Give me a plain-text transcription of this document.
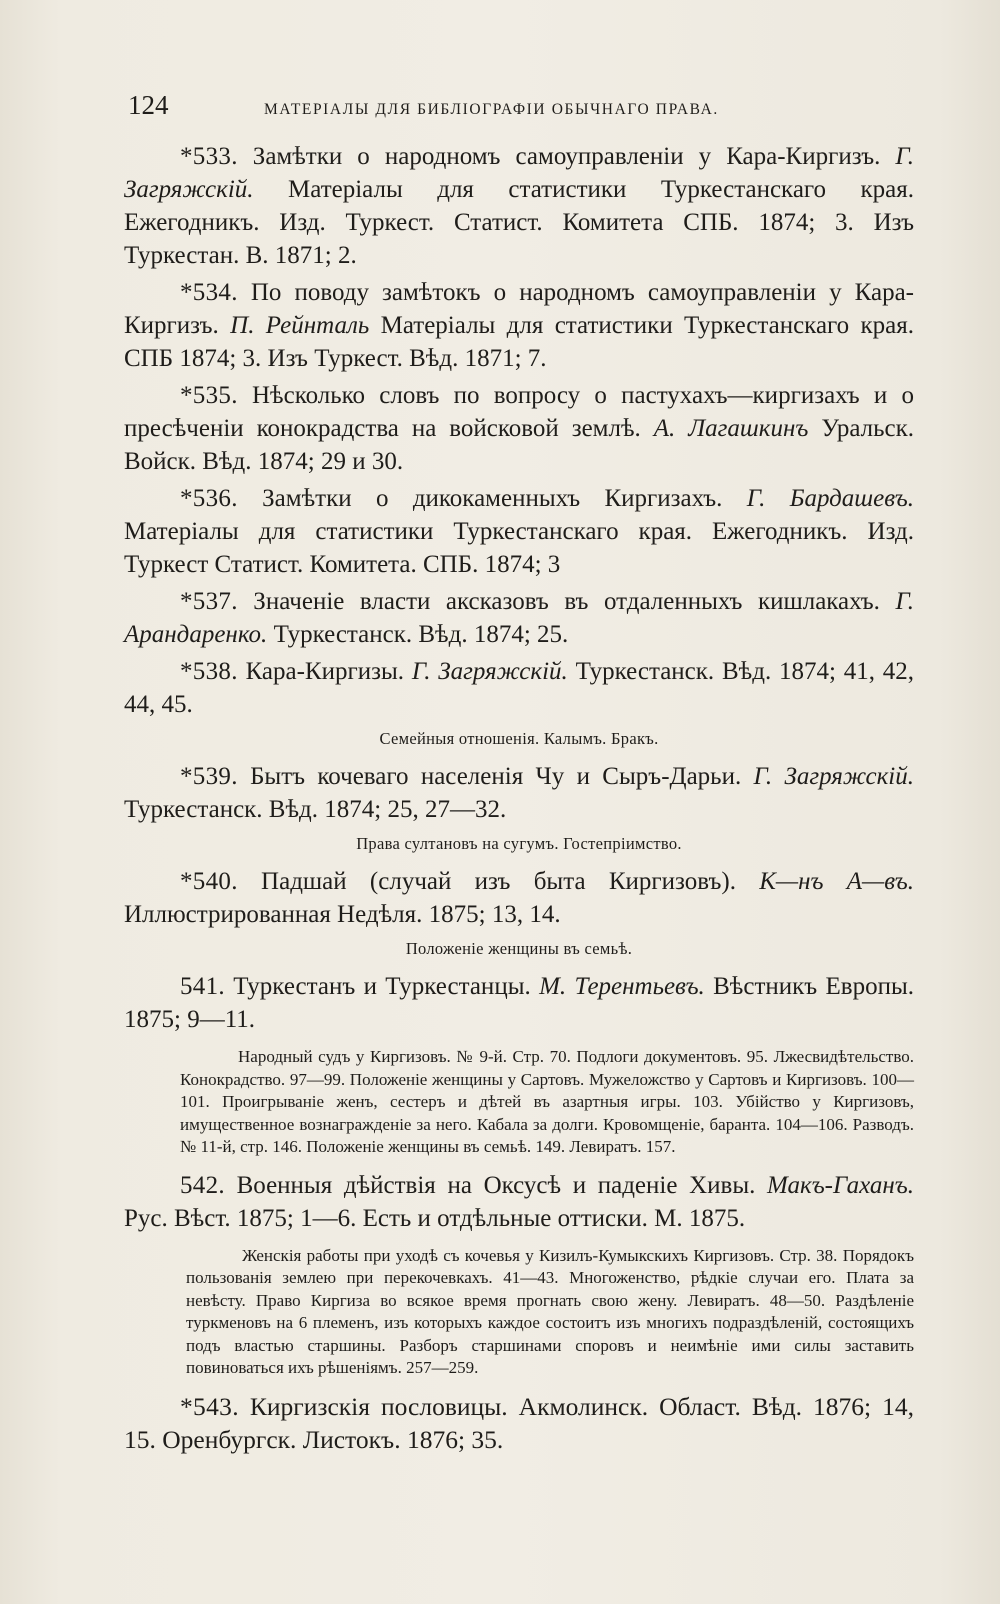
124	МАТЕРІАЛЫ ДЛЯ БИБЛІОГРАФІИ ОБЫЧНАГО ПРАВА.

*533. Замѣтки о народномъ самоуправленіи у Кара-Киргизъ. Г. Загряжскій. Матеріалы для статистики Туркестанскаго края. Ежегодникъ. Изд. Туркест. Статист. Комитета СПБ. 1874; 3. Изъ Туркестан. В. 1871; 2.

*534. По поводу замѣтокъ о народномъ самоуправленіи у Кара-Киргизъ. П. Рейнталь Матеріалы для статистики Туркестанскаго края. СПБ 1874; 3. Изъ Туркест. Вѣд. 1871; 7.

*535. Нѣсколько словъ по вопросу о пастухахъ—киргизахъ и о пресѣченіи конокрадства на войсковой землѣ. А. Лагашкинъ Уральск. Войск. Вѣд. 1874; 29 и 30.

*536. Замѣтки о дикокаменныхъ Киргизахъ. Г. Бардашевъ. Матеріалы для статистики Туркестанскаго края. Ежегодникъ. Изд. Туркест Статист. Комитета. СПБ. 1874; 3

*537. Значеніе власти аксказовъ въ отдаленныхъ кишлакахъ. Г. Арандаренко. Туркестанск. Вѣд. 1874; 25.

*538. Кара-Киргизы. Г. Загряжскій. Туркестанск. Вѣд. 1874; 41, 42, 44, 45.

Семейныя отношенія. Калымъ. Бракъ.

*539. Бытъ кочеваго населенія Чу и Сыръ-Дарьи. Г. Загряжскій. Туркестанск. Вѣд. 1874; 25, 27—32.

Права султановъ на сугумъ. Гостепріимство.

*540. Падшай (случай изъ быта Киргизовъ). К—нъ А—въ. Иллюстрированная Недѣля. 1875; 13, 14.

Положеніе женщины въ семьѣ.

541. Туркестанъ и Туркестанцы. М. Терентьевъ. Вѣстникъ Европы. 1875; 9—11.

Народный судъ у Киргизовъ. № 9-й. Стр. 70. Подлоги документовъ. 95. Лжесвидѣтельство. Конокрадство. 97—99. Положеніе женщины у Сартовъ. Мужеложство у Сартовъ и Киргизовъ. 100—101. Проигрываніе женъ, сестеръ и дѣтей въ азартныя игры. 103. Убійство у Киргизовъ, имущественное вознагражденіе за него. Кабала за долги. Кровомщеніе, баранта. 104—106. Разводъ. № 11-й, стр. 146. Положеніе женщины въ семьѣ. 149. Левиратъ. 157.

542. Военныя дѣйствія на Оксусѣ и паденіе Хивы. Макъ-Гаханъ. Рус. Вѣст. 1875; 1—6. Есть и отдѣльные оттиски. М. 1875.

Женскія работы при уходѣ съ кочевья у Кизилъ-Кумыкскихъ Киргизовъ. Стр. 38. Порядокъ пользованія землею при перекочевкахъ. 41—43. Многоженство, рѣдкіе случаи его. Плата за невѣсту. Право Киргиза во всякое время прогнать свою жену. Левиратъ. 48—50. Раздѣленіе туркменовъ на 6 племенъ, изъ которыхъ каждое состоитъ изъ многихъ подраздѣленій, состоящихъ подъ властью старшины. Разборъ старшинами споровъ и неимѣніе ими силы заставить повиноваться ихъ рѣшеніямъ. 257—259.

*543. Киргизскія пословицы. Акмолинск. Област. Вѣд. 1876; 14, 15. Оренбургск. Листокъ. 1876; 35.
